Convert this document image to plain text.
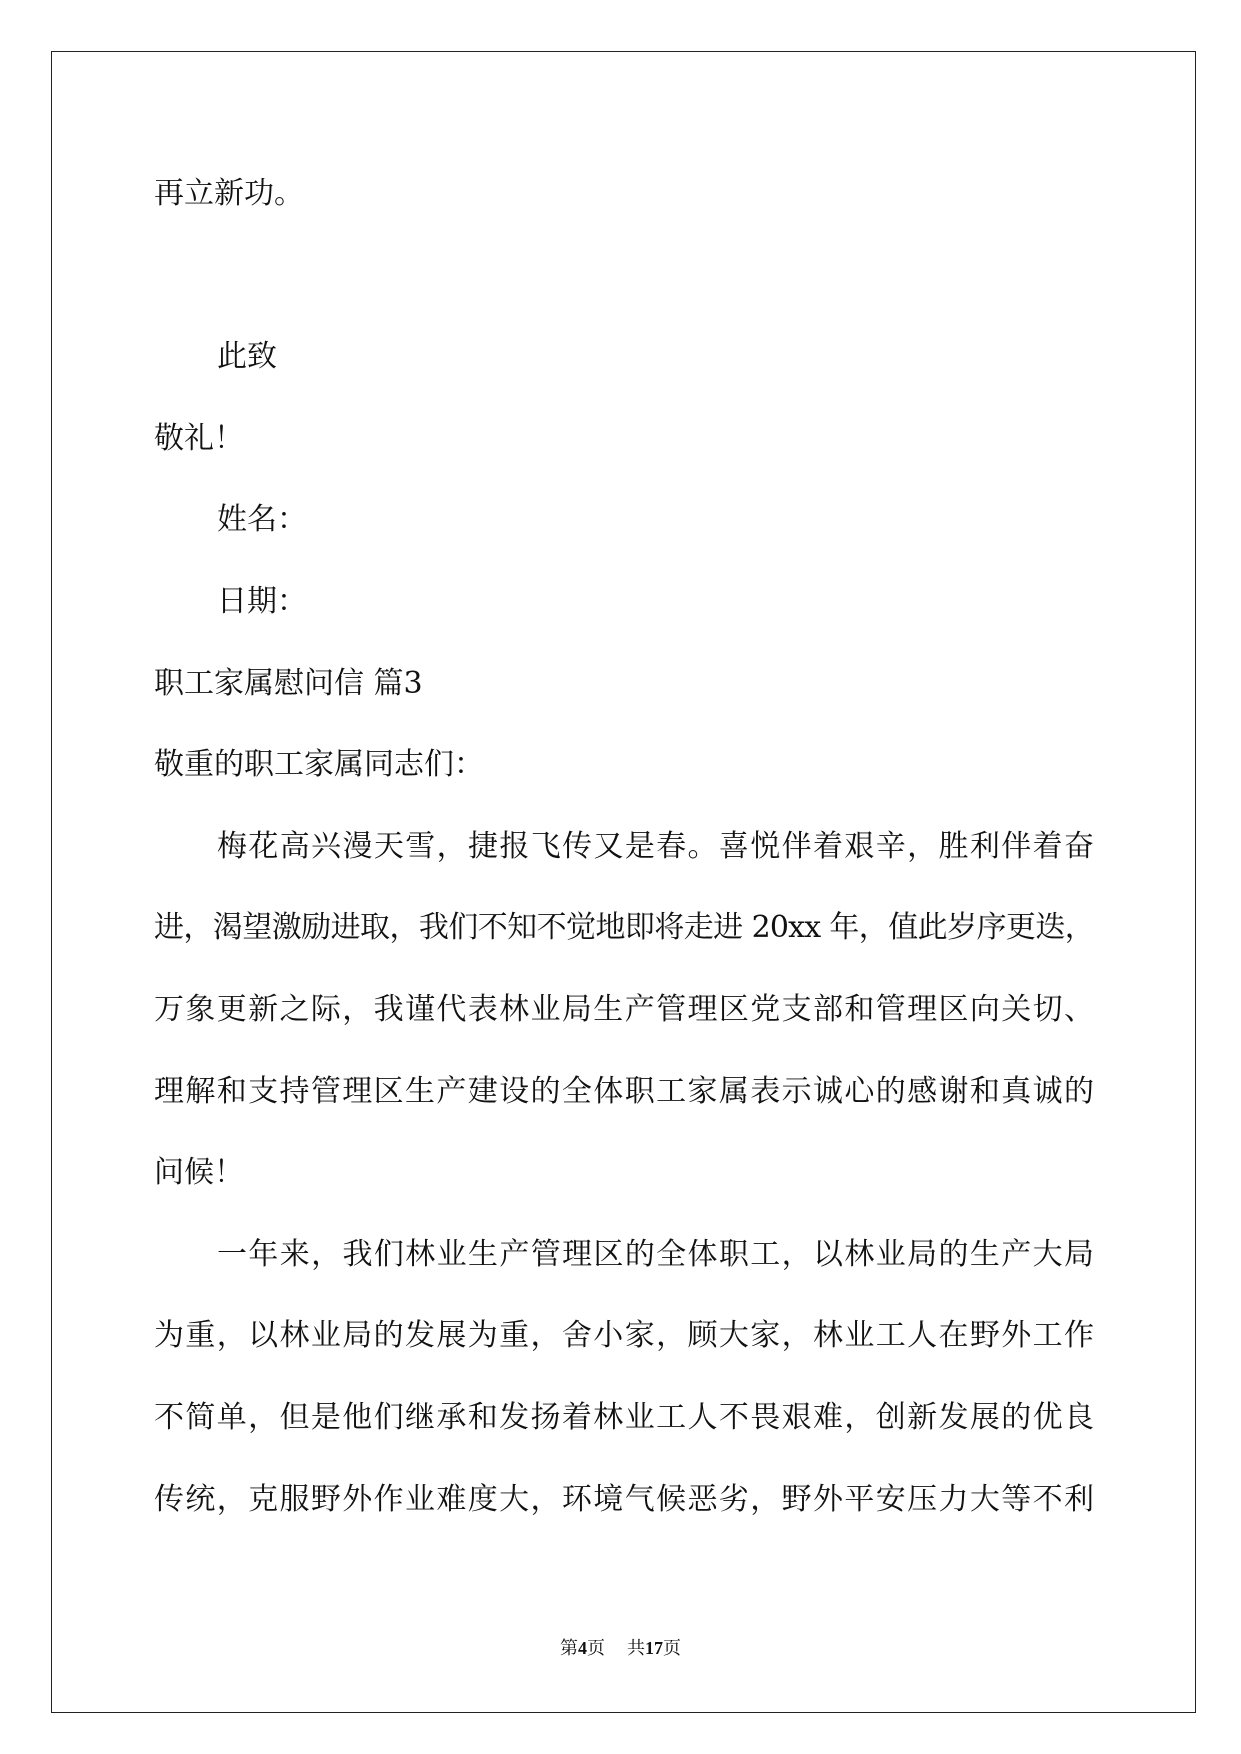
再立新功。
此致
敬礼！
姓名：
日期：
职工家属慰问信 篇3
敬重的职工家属同志们：
梅花高兴漫天雪，捷报飞传又是春。喜悦伴着艰辛，胜利伴着奋
进，渴望激励进取，我们不知不觉地即将走进 20xx 年，值此岁序更迭，
万象更新之际，我谨代表林业局生产管理区党支部和管理区向关切、
理解和支持管理区生产建设的全体职工家属表示诚心的感谢和真诚的
问候！
一年来，我们林业生产管理区的全体职工，以林业局的生产大局
为重，以林业局的发展为重，舍小家，顾大家，林业工人在野外工作
不简单，但是他们继承和发扬着林业工人不畏艰难，创新发展的优良
传统，克服野外作业难度大，环境气候恶劣，野外平安压力大等不利
第4页 共17页
